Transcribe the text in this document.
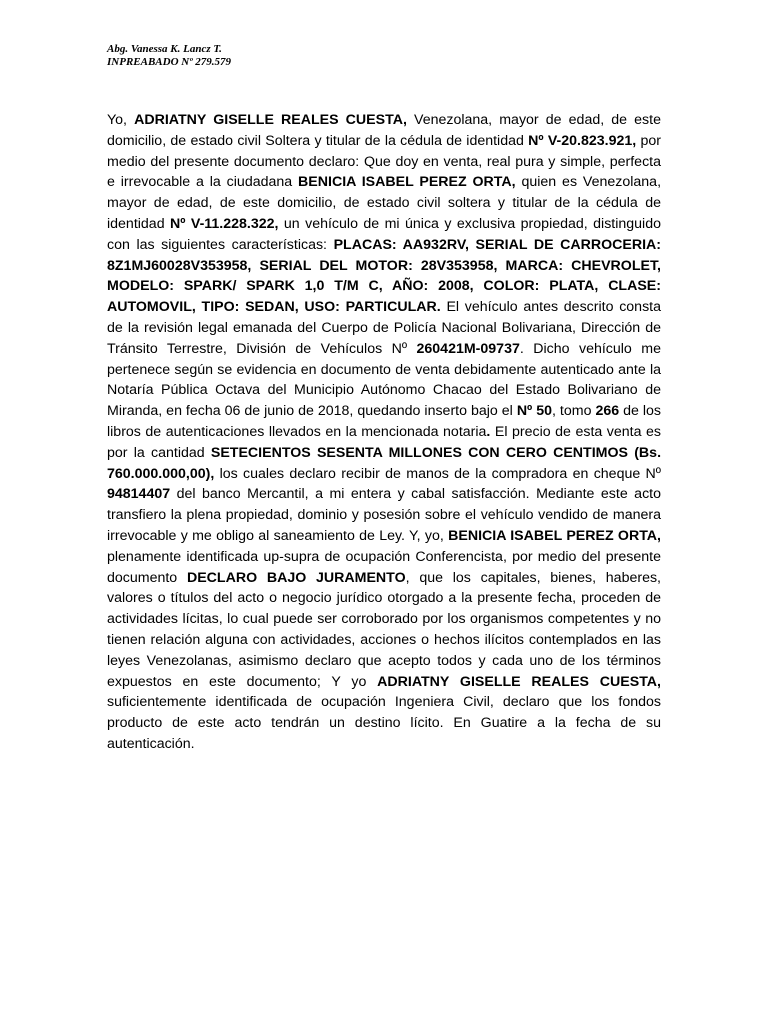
Abg. Vanessa K. Lancz T.
INPREABADO Nº 279.579

Yo, ADRIATNY GISELLE REALES CUESTA, Venezolana, mayor de edad, de este domicilio, de estado civil Soltera y titular de la cédula de identidad Nº V-20.823.921, por medio del presente documento declaro: Que doy en venta, real pura y simple, perfecta e irrevocable a la ciudadana BENICIA ISABEL PEREZ ORTA, quien es Venezolana, mayor de edad, de este domicilio, de estado civil soltera y titular de la cédula de identidad Nº V-11.228.322, un vehículo de mi única y exclusiva propiedad, distinguido con las siguientes características: PLACAS: AA932RV, SERIAL DE CARROCERIA: 8Z1MJ60028V353958, SERIAL DEL MOTOR: 28V353958, MARCA: CHEVROLET, MODELO: SPARK/ SPARK 1,0 T/M C, AÑO: 2008, COLOR: PLATA, CLASE: AUTOMOVIL, TIPO: SEDAN, USO: PARTICULAR. El vehículo antes descrito consta de la revisión legal emanada del Cuerpo de Policía Nacional Bolivariana, Dirección de Tránsito Terrestre, División de Vehículos Nº 260421M-09737. Dicho vehículo me pertenece según se evidencia en documento de venta debidamente autenticado ante la Notaría Pública Octava del Municipio Autónomo Chacao del Estado Bolivariano de Miranda, en fecha 06 de junio de 2018, quedando inserto bajo el Nº 50, tomo 266 de los libros de autenticaciones llevados en la mencionada notaria. El precio de esta venta es por la cantidad SETECIENTOS SESENTA MILLONES CON CERO CENTIMOS (Bs. 760.000.000,00), los cuales declaro recibir de manos de la compradora en cheque Nº 94814407 del banco Mercantil, a mi entera y cabal satisfacción. Mediante este acto transfiero la plena propiedad, dominio y posesión sobre el vehículo vendido de manera irrevocable y me obligo al saneamiento de Ley. Y, yo, BENICIA ISABEL PEREZ ORTA, plenamente identificada up-supra de ocupación Conferencista, por medio del presente documento DECLARO BAJO JURAMENTO, que los capitales, bienes, haberes, valores o títulos del acto o negocio jurídico otorgado a la presente fecha, proceden de actividades lícitas, lo cual puede ser corroborado por los organismos competentes y no tienen relación alguna con actividades, acciones o hechos ilícitos contemplados en las leyes Venezolanas, asimismo declaro que acepto todos y cada uno de los términos expuestos en este documento; Y yo ADRIATNY GISELLE REALES CUESTA, suficientemente identificada de ocupación Ingeniera Civil, declaro que los fondos producto de este acto tendrán un destino lícito. En Guatire a la fecha de su autenticación.
